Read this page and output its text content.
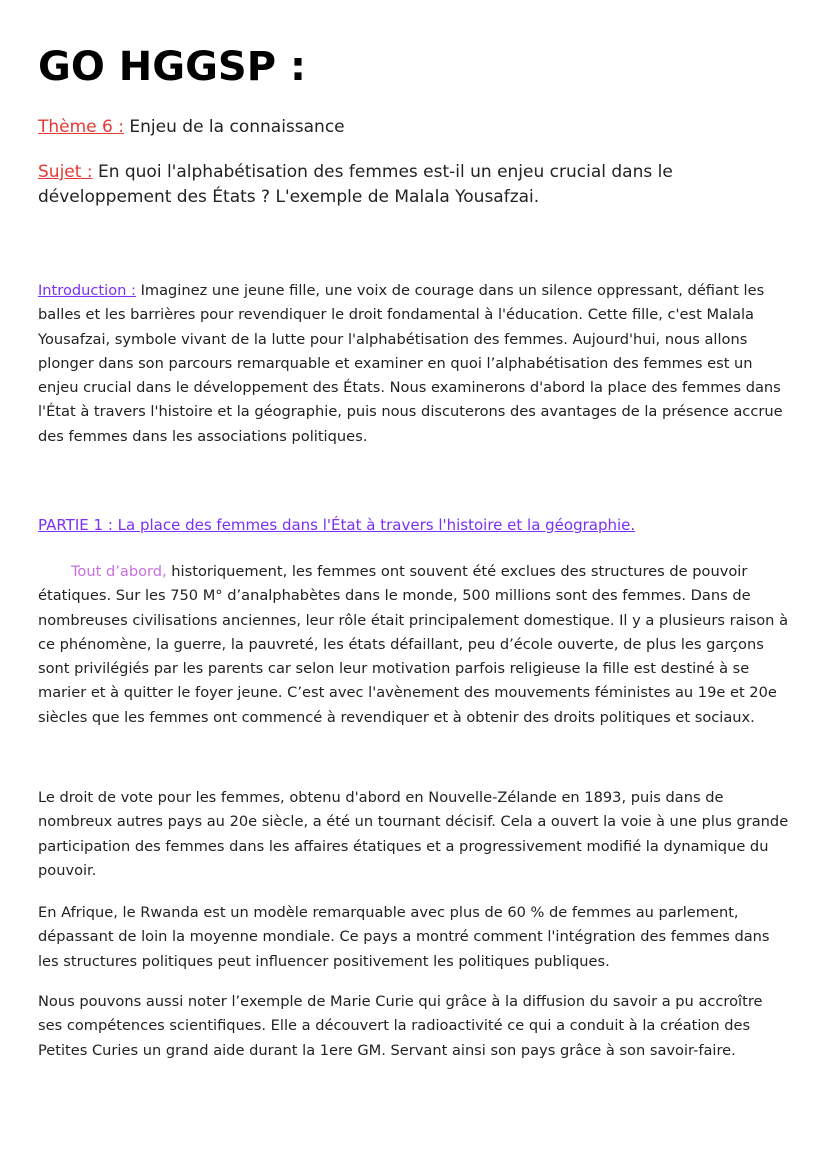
GO HGGSP :
Thème 6 : Enjeu de la connaissance
Sujet : En quoi l'alphabétisation des femmes est-il un enjeu crucial dans le développement des États ? L'exemple de Malala Yousafzai.

Introduction : Imaginez une jeune fille, une voix de courage dans un silence oppressant, défiant les balles et les barrières pour revendiquer le droit fondamental à l'éducation. Cette fille, c'est Malala Yousafzai, symbole vivant de la lutte pour l'alphabétisation des femmes. Aujourd'hui, nous allons plonger dans son parcours remarquable et examiner en quoi l’alphabétisation des femmes est un enjeu crucial dans le développement des États. Nous examinerons d'abord la place des femmes dans l'État à travers l'histoire et la géographie, puis nous discuterons des avantages de la présence accrue des femmes dans les associations politiques.

PARTIE 1 : La place des femmes dans l'État à travers l'histoire et la géographie.

Tout d’abord, historiquement, les femmes ont souvent été exclues des structures de pouvoir étatiques. Sur les 750 M° d’analphabètes dans le monde, 500 millions sont des femmes. Dans de nombreuses civilisations anciennes, leur rôle était principalement domestique. Il y a plusieurs raison à ce phénomène, la guerre, la pauvreté, les états défaillant, peu d’école ouverte, de plus les garçons sont privilégiés par les parents car selon leur motivation parfois religieuse la fille est destiné à se marier et à quitter le foyer jeune. C’est avec l'avènement des mouvements féministes au 19e et 20e siècles que les femmes ont commencé à revendiquer et à obtenir des droits politiques et sociaux.

Le droit de vote pour les femmes, obtenu d'abord en Nouvelle-Zélande en 1893, puis dans de nombreux autres pays au 20e siècle, a été un tournant décisif. Cela a ouvert la voie à une plus grande participation des femmes dans les affaires étatiques et a progressivement modifié la dynamique du pouvoir.

En Afrique, le Rwanda est un modèle remarquable avec plus de 60 % de femmes au parlement, dépassant de loin la moyenne mondiale. Ce pays a montré comment l'intégration des femmes dans les structures politiques peut influencer positivement les politiques publiques.

Nous pouvons aussi noter l’exemple de Marie Curie qui grâce à la diffusion du savoir a pu accroître ses compétences scientifiques. Elle a découvert la radioactivité ce qui a conduit à la création des Petites Curies un grand aide durant la 1ere GM. Servant ainsi son pays grâce à son savoir-faire.
